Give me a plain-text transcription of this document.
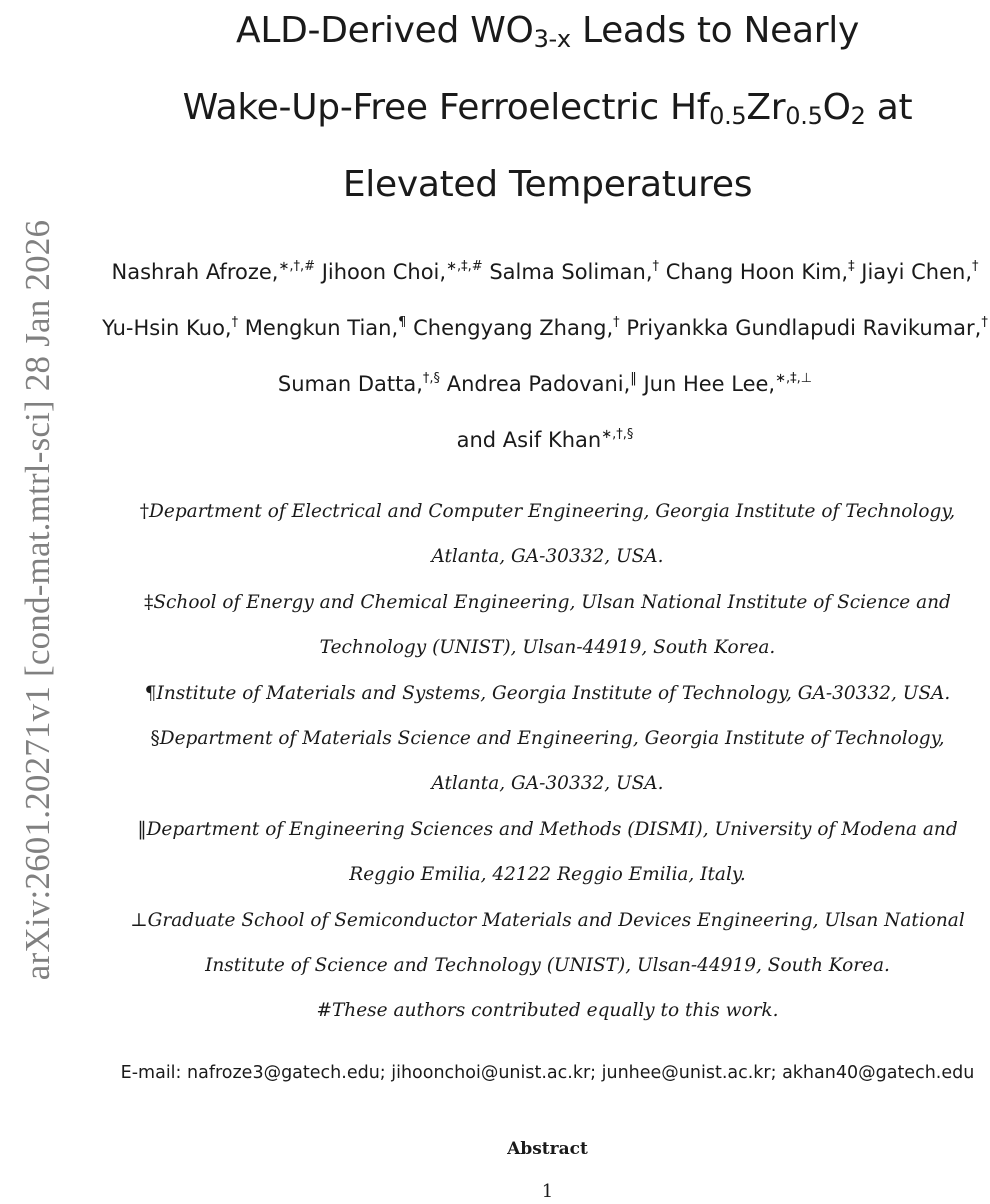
arXiv:2601.20271v1 [cond-mat.mtrl-sci] 28 Jan 2026
ALD-Derived $WO_{3-x}$ Leads to Nearly
Wake-Up-Free Ferroelectric $Hf_{0.5}Zr_{0.5}O_2$ at
Elevated Temperatures
Nashrah Afroze,∗,†,# Jihoon Choi,∗,‡,# Salma Soliman,† Chang Hoon Kim,‡ Jiayi Chen,†
Yu-Hsin Kuo,† Mengkun Tian,¶ Chengyang Zhang,† Priyankka Gundlapudi Ravikumar,†
Suman Datta,†,§ Andrea Padovani,‖ Jun Hee Lee,∗,‡,⊥
and Asif Khan∗,†,§
†Department of Electrical and Computer Engineering, Georgia Institute of Technology,
Atlanta, GA-30332, USA.
‡School of Energy and Chemical Engineering, Ulsan National Institute of Science and
Technology (UNIST), Ulsan-44919, South Korea.
¶Institute of Materials and Systems, Georgia Institute of Technology, GA-30332, USA.
§Department of Materials Science and Engineering, Georgia Institute of Technology,
Atlanta, GA-30332, USA.
‖Department of Engineering Sciences and Methods (DISMI), University of Modena and
Reggio Emilia, 42122 Reggio Emilia, Italy.
⊥Graduate School of Semiconductor Materials and Devices Engineering, Ulsan National
Institute of Science and Technology (UNIST), Ulsan-44919, South Korea.
#These authors contributed equally to this work.
E-mail: nafroze3@gatech.edu; jihoonchoi@unist.ac.kr; junhee@unist.ac.kr; akhan40@gatech.edu
Abstract
1
